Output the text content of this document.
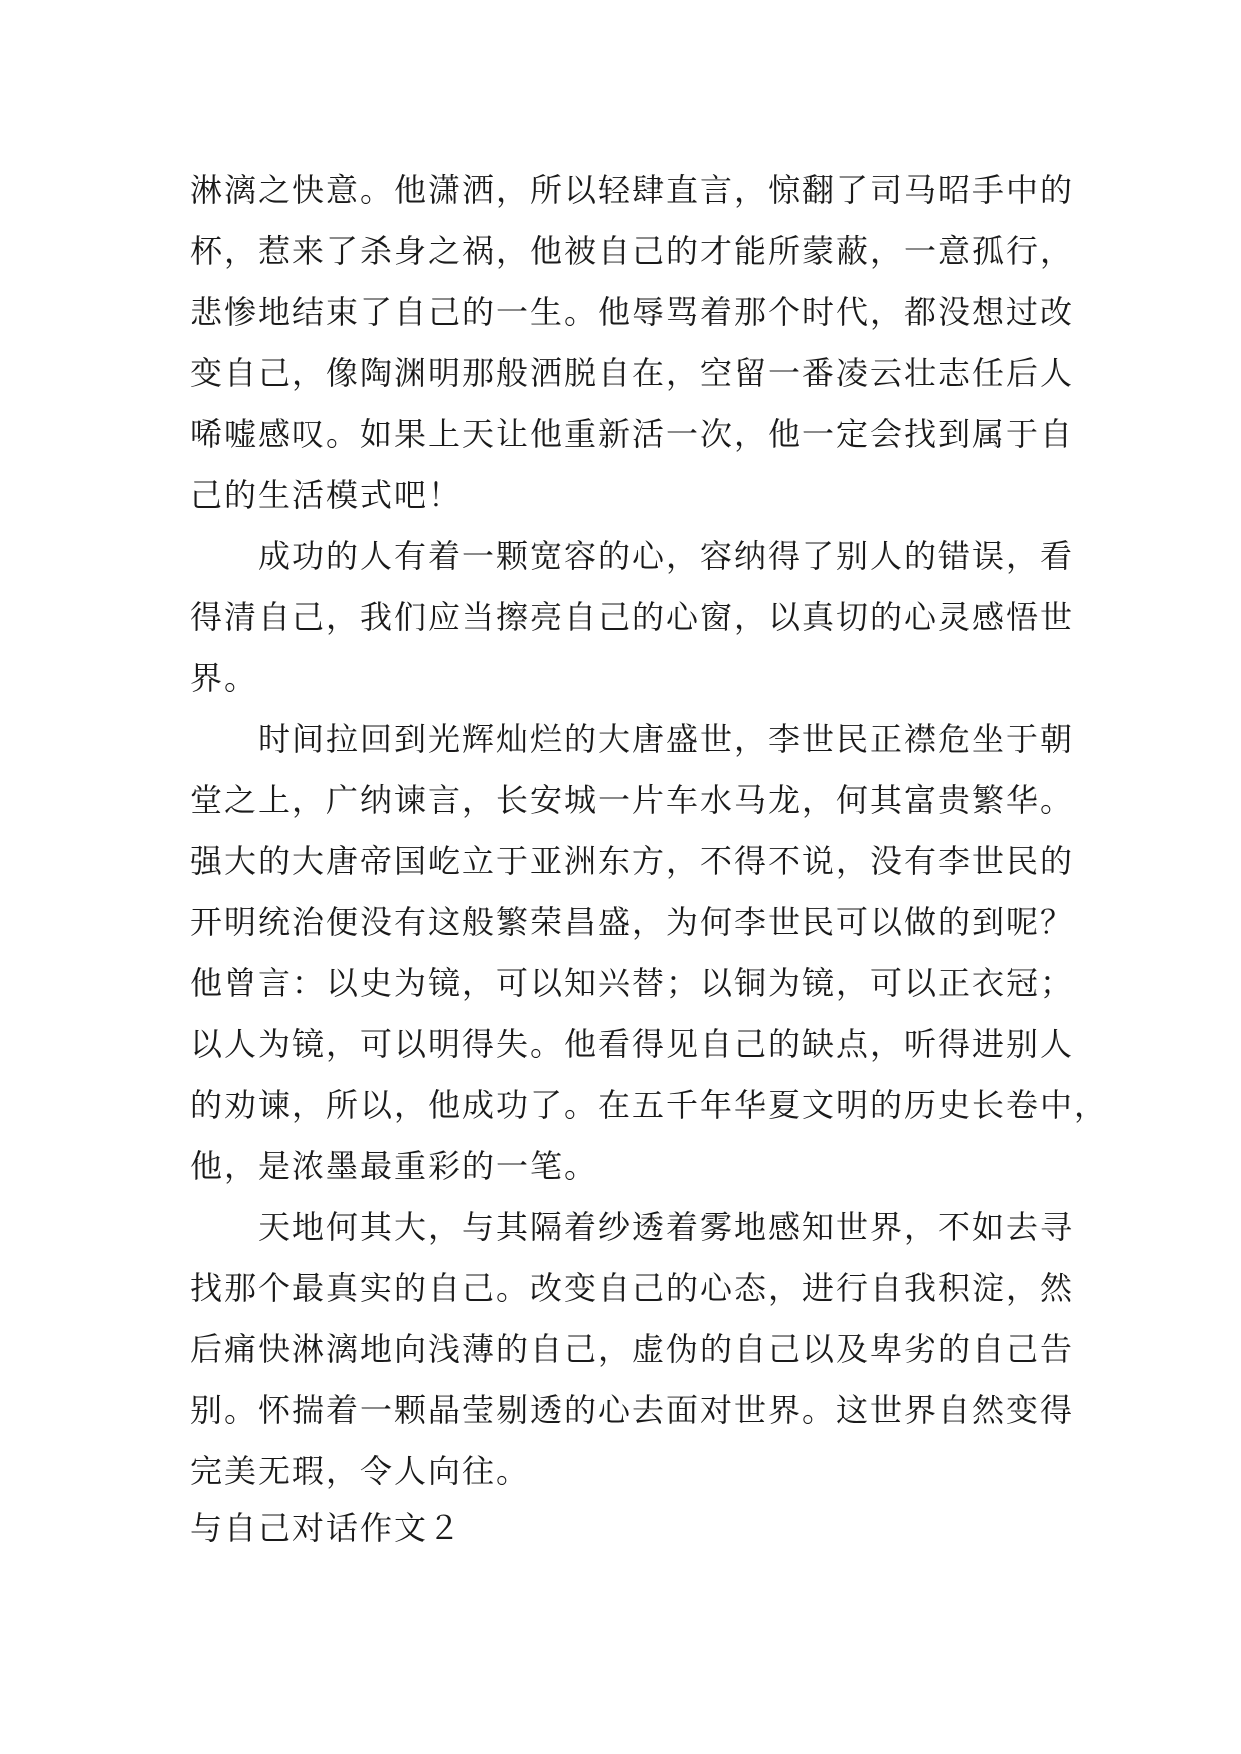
淋漓之快意。他潇洒，所以轻肆直言，惊翻了司马昭手中的
杯，惹来了杀身之祸，他被自己的才能所蒙蔽，一意孤行，
悲惨地结束了自己的一生。他辱骂着那个时代，都没想过改
变自己，像陶渊明那般洒脱自在，空留一番凌云壮志任后人
唏嘘感叹。如果上天让他重新活一次，他一定会找到属于自
己的生活模式吧！
成功的人有着一颗宽容的心，容纳得了别人的错误，看
得清自己，我们应当擦亮自己的心窗，以真切的心灵感悟世
界。
时间拉回到光辉灿烂的大唐盛世，李世民正襟危坐于朝
堂之上，广纳谏言，长安城一片车水马龙，何其富贵繁华。
强大的大唐帝国屹立于亚洲东方，不得不说，没有李世民的
开明统治便没有这般繁荣昌盛，为何李世民可以做的到呢？
他曾言：以史为镜，可以知兴替；以铜为镜，可以正衣冠；
以人为镜，可以明得失。他看得见自己的缺点，听得进别人
的劝谏，所以，他成功了。在五千年华夏文明的历史长卷中，
他，是浓墨最重彩的一笔。
天地何其大，与其隔着纱透着雾地感知世界，不如去寻
找那个最真实的自己。改变自己的心态，进行自我积淀，然
后痛快淋漓地向浅薄的自己，虚伪的自己以及卑劣的自己告
别。怀揣着一颗晶莹剔透的心去面对世界。这世界自然变得
完美无瑕，令人向往。
与自己对话作文２
